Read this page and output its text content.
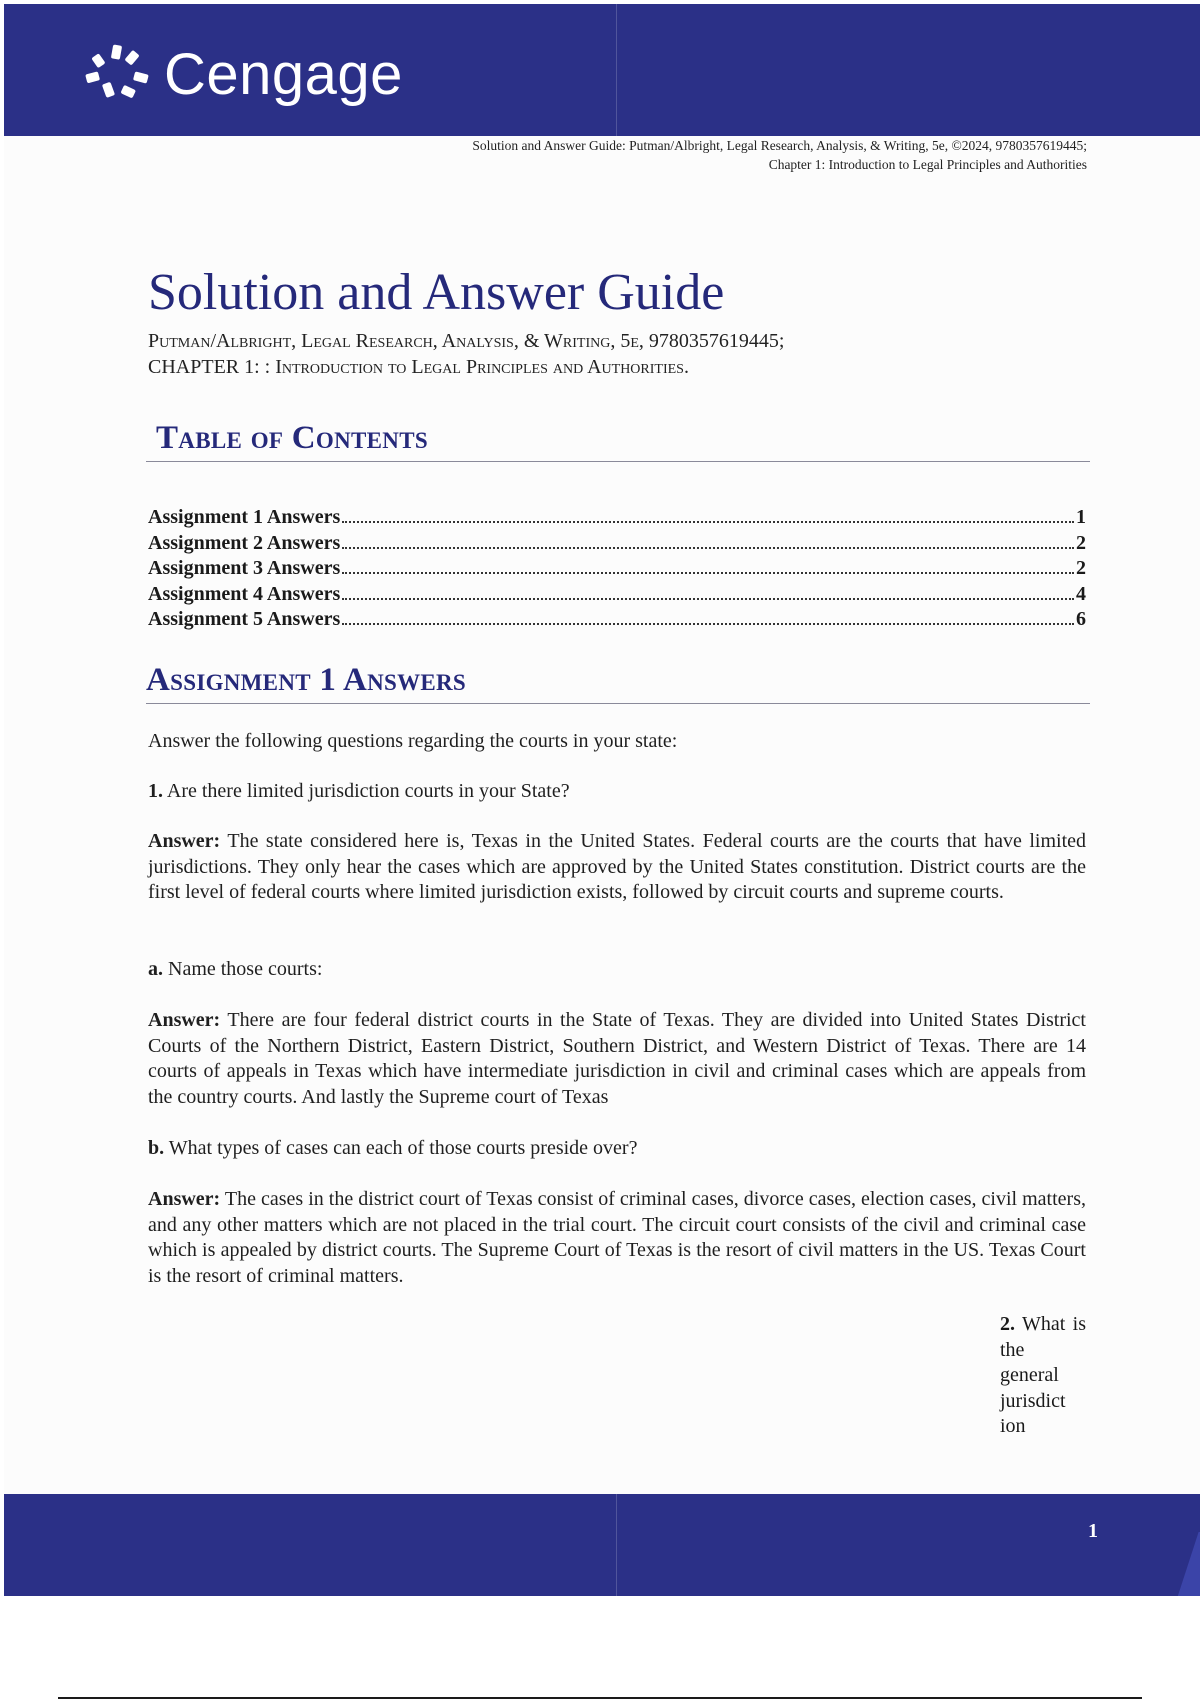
Cengage
Solution and Answer Guide: Putman/Albright, Legal Research, Analysis, & Writing, 5e, ©2024, 9780357619445;
Chapter 1: Introduction to Legal Principles and Authorities
Solution and Answer Guide
Putman/Albright, Legal Research, Analysis, & Writing, 5e, 9780357619445;
CHAPTER 1: : Introduction to Legal Principles and Authorities.
Table of Contents
Assignment 1 Answers	1
Assignment 2 Answers	2
Assignment 3 Answers	2
Assignment 4 Answers	4
Assignment 5 Answers	6
Assignment 1 Answers

Answer the following questions regarding the courts in your state:

1. Are there limited jurisdiction courts in your State?

Answer: The state considered here is, Texas in the United States. Federal courts are the courts that have limited jurisdictions. They only hear the cases which are approved by the United States constitution. District courts are the first level of federal courts where limited jurisdiction exists, followed by circuit courts and supreme courts.

a. Name those courts:

Answer: There are four federal district courts in the State of Texas. They are divided into United States District Courts of the Northern District, Eastern District, Southern District, and Western District of Texas. There are 14 courts of appeals in Texas which have intermediate jurisdiction in civil and criminal cases which are appeals from the country courts. And lastly the Supreme court of Texas

b. What types of cases can each of those courts preside over?

Answer: The cases in the district court of Texas consist of criminal cases, divorce cases, election cases, civil matters, and any other matters which are not placed in the trial court. The circuit court consists of the civil and criminal case which is appealed by district courts. The Supreme Court of Texas is the resort of civil matters in the US. Texas Court is the resort of criminal matters.

2. What is the general jurisdict ion
1
